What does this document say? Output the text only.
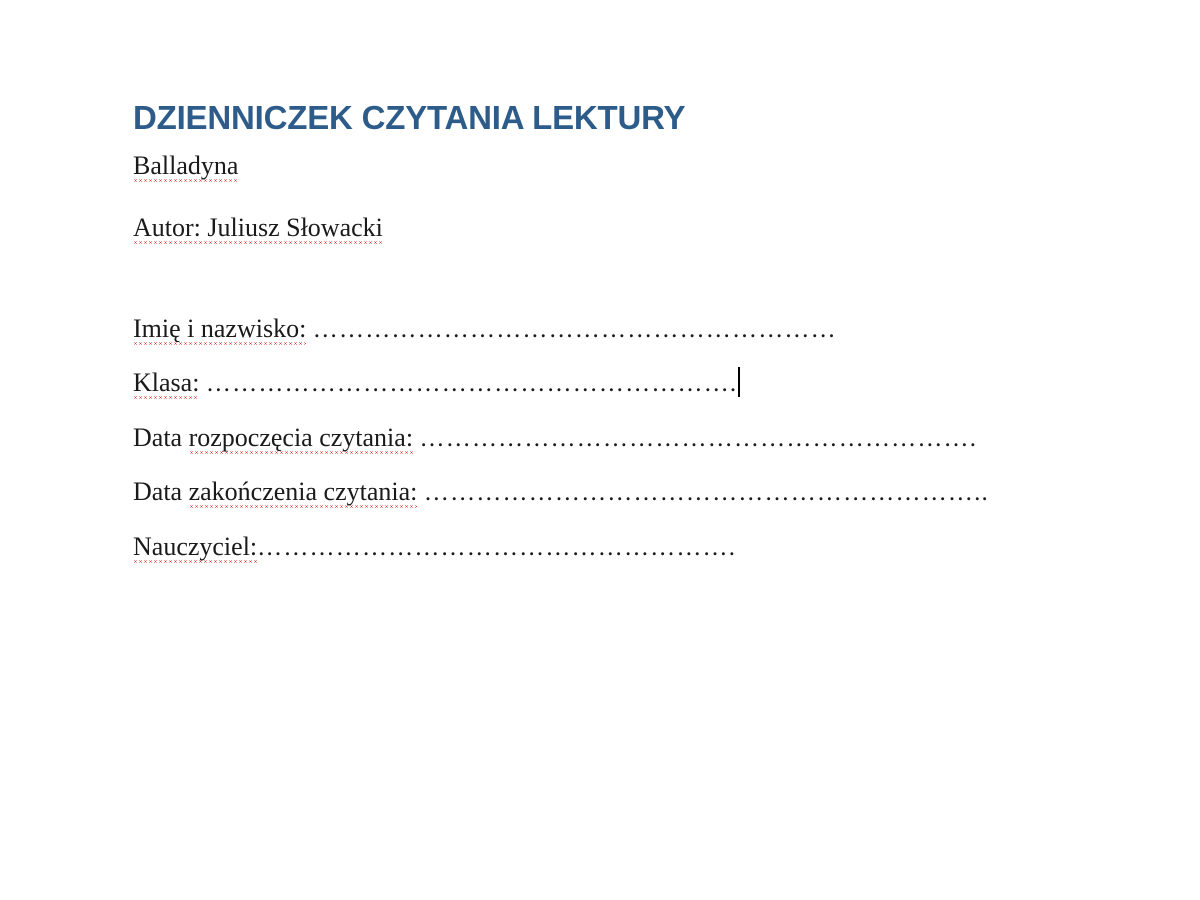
DZIENNICZEK CZYTANIA LEKTURY

Balladyna

Autor: Juliusz Słowacki

Imię i nazwisko: ……………………………………………………

Klasa: …………………………………………………….

Data rozpoczęcia czytania: ……………………………………………………….

Data zakończenia czytania: ………………………………………………………..

Nauczyciel:……………………………………………….
